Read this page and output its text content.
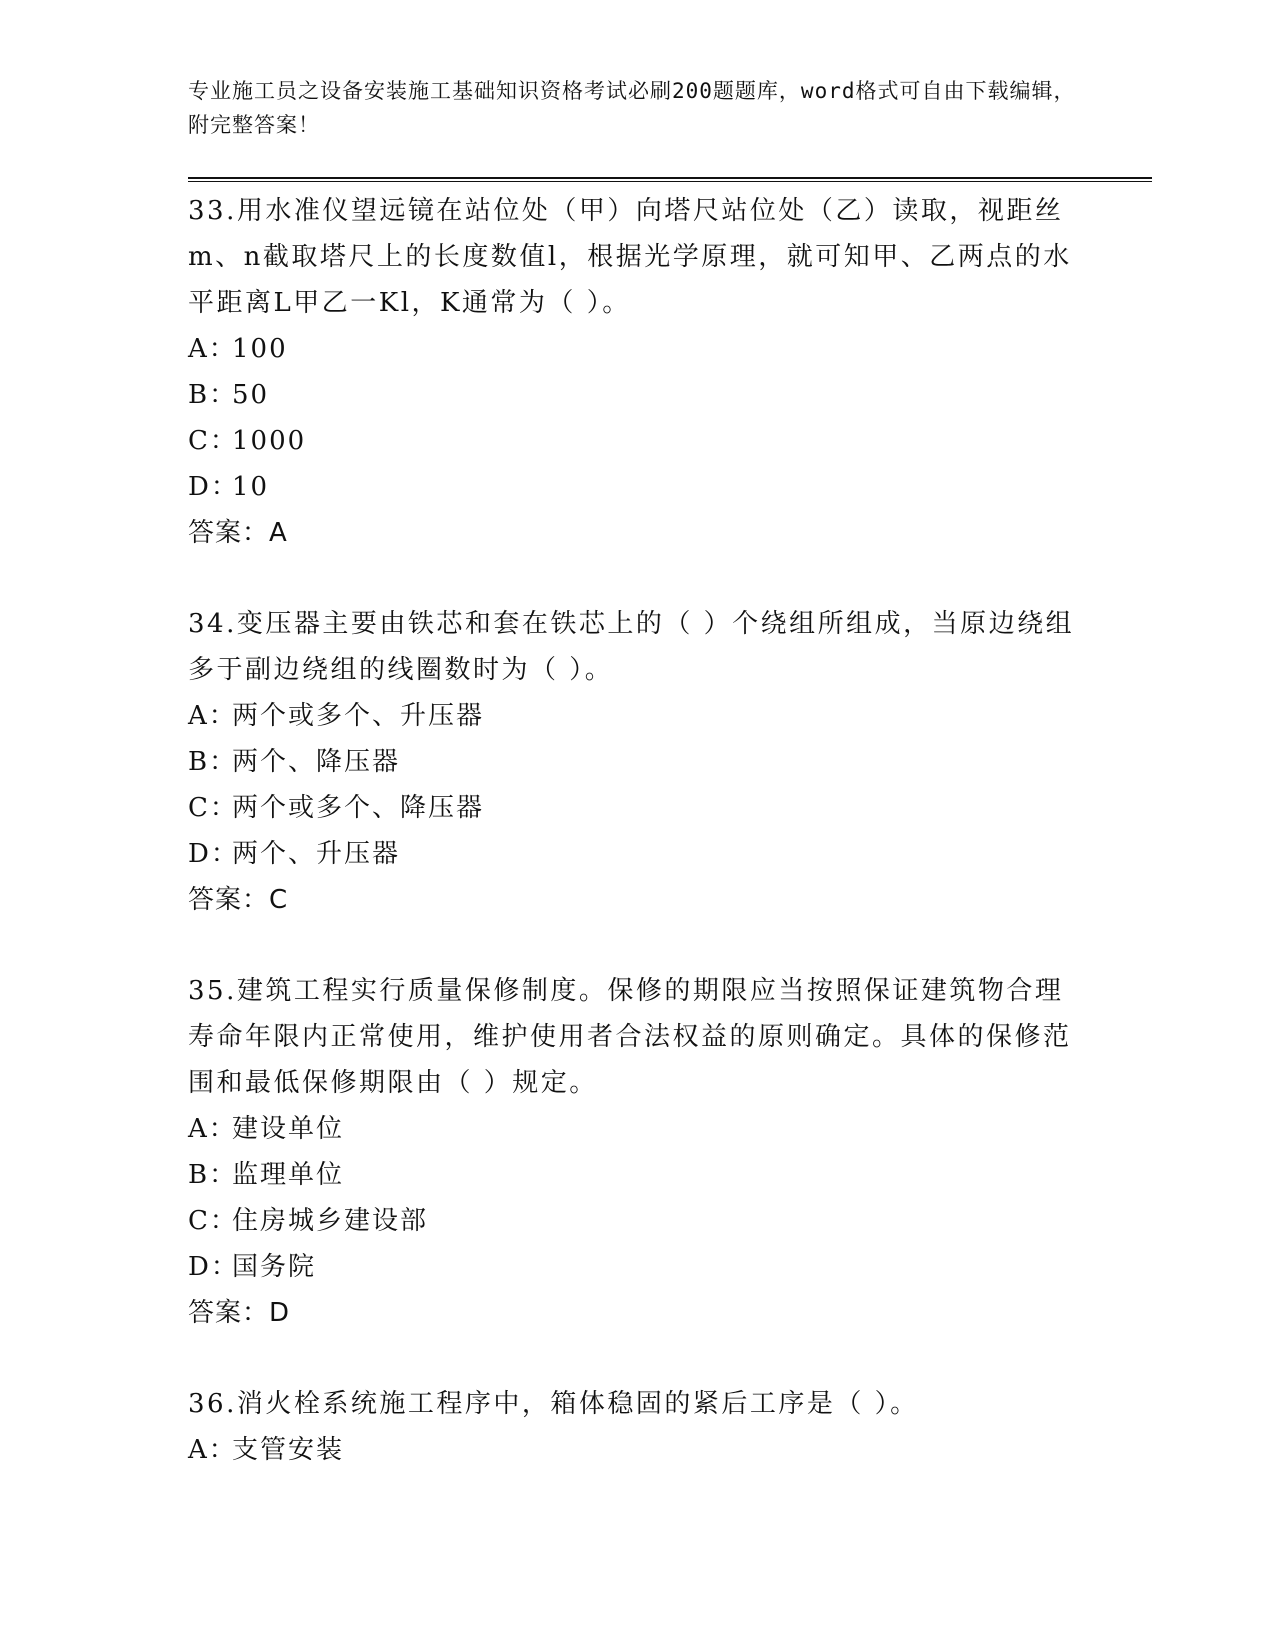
专业施工员之设备安装施工基础知识资格考试必刷200题题库，word格式可自由下载编辑，附完整答案！

33.用水准仪望远镜在站位处（甲）向塔尺站位处（乙）读取，视距丝m、n截取塔尺上的长度数值l，根据光学原理，就可知甲、乙两点的水平距离L甲乙一Kl，K通常为（ ）。

A：100

B：50

C：1000

D：10

答案：A

34.变压器主要由铁芯和套在铁芯上的（ ）个绕组所组成，当原边绕组多于副边绕组的线圈数时为（ ）。

A：两个或多个、升压器

B：两个、降压器

C：两个或多个、降压器

D：两个、升压器

答案：C

35.建筑工程实行质量保修制度。保修的期限应当按照保证建筑物合理寿命年限内正常使用，维护使用者合法权益的原则确定。具体的保修范围和最低保修期限由（ ）规定。

A：建设单位

B：监理单位

C：住房城乡建设部

D：国务院

答案：D

36.消火栓系统施工程序中，箱体稳固的紧后工序是（ ）。

A：支管安装
